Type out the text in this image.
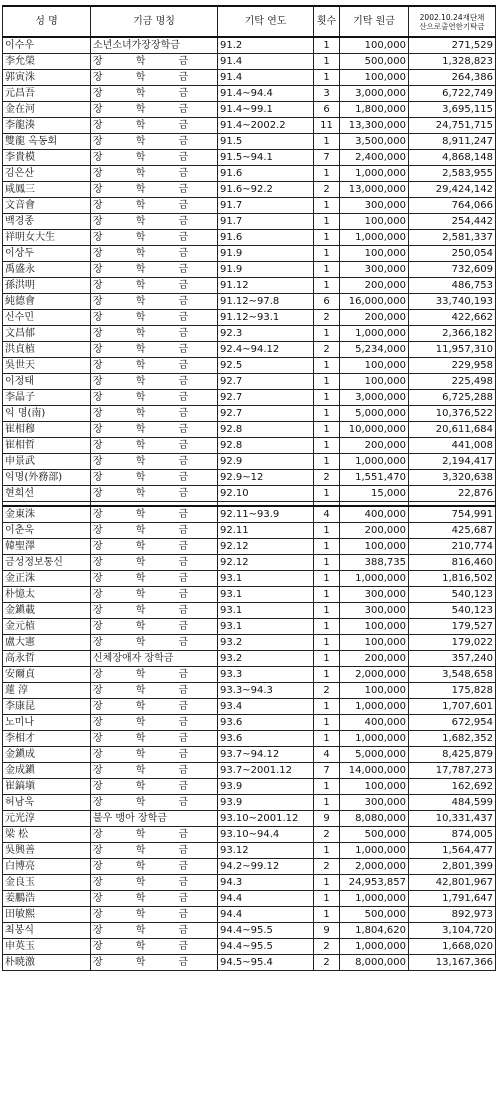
성 명	기금 명칭	기탁 연도	횟수	기탁 원금	2002.10.24재단채
산으로출연한기탁금
이수우	소년소녀가장장학금	91.2	1	100,000	271,529
李允榮	장 학 금	91.4	1	500,000	1,328,823
郭寅洙	장 학 금	91.4	1	100,000	264,386
元昌吾	장 학 금	91.4~94.4	3	3,000,000	6,722,749
金在河	장 학 금	91.4~99.1	6	1,800,000	3,695,115
李龍湊	장 학 금	91.4~2002.2	11	13,300,000	24,751,715
雙龍 옥동회	장 학 금	91.5	1	3,500,000	8,911,247
李貴模	장 학 금	91.5~94.1	7	2,400,000	4,868,148
김은산	장 학 금	91.6	1	1,000,000	2,583,955
咸鳳三	장 학 금	91.6~92.2	2	13,000,000	29,424,142
文音會	장 학 금	91.7	1	300,000	764,066
백경종	장 학 금	91.7	1	100,000	254,442
祥明女大生	장 학 금	91.6	1	1,000,000	2,581,337
이상두	장 학 금	91.9	1	100,000	250,054
禹盛永	장 학 금	91.9	1	300,000	732,609
孫洪明	장 학 금	91.12	1	200,000	486,753
純德會	장 학 금	91.12~97.8	6	16,000,000	33,740,193
신수민	장 학 금	91.12~93.1	2	200,000	422,662
文昌郁	장 학 금	92.3	1	1,000,000	2,366,182
洪貞植	장 학 금	92.4~94.12	2	5,234,000	11,957,310
吳世天	장 학 금	92.5	1	100,000	229,958
이정태	장 학 금	92.7	1	100,000	225,498
李晶子	장 학 금	92.7	1	3,000,000	6,725,288
익 명(南)	장 학 금	92.7	1	5,000,000	10,376,522
崔相穆	장 학 금	92.8	1	10,000,000	20,611,684
崔相哲	장 학 금	92.8	1	200,000	441,008
申景武	장 학 금	92.9	1	1,000,000	2,194,417
익명(外務部)	장 학 금	92.9~12	2	1,551,470	3,320,638
현희선	장 학 금	92.10	1	15,000	22,876

金東洙	장 학 금	92.11~93.9	4	400,000	754,991
이춘욱	장 학 금	92.11	1	200,000	425,687
韓聖澤	장 학 금	92.12	1	100,000	210,774
금성정보통신	장 학 금	92.12	1	388,735	816,460
金正洙	장 학 금	93.1	1	1,000,000	1,816,502
朴憶太	장 학 금	93.1	1	300,000	540,123
金鎭載	장 학 금	93.1	1	300,000	540,123
金元植	장 학 금	93.1	1	100,000	179,527
盧大憲	장 학 금	93.2	1	100,000	179,022
高永哲	신체장애자 장학금	93.2	1	200,000	357,240
安爾貞	장 학 금	93.3	1	2,000,000	3,548,658
蓮 淳	장 학 금	93.3~94.3	2	100,000	175,828
李康昆	장 학 금	93.4	1	1,000,000	1,707,601
노미나	장 학 금	93.6	1	400,000	672,954
李相才	장 학 금	93.6	1	1,000,000	1,682,352
金鎭成	장 학 금	93.7~94.12	4	5,000,000	8,425,879
金成鎭	장 학 금	93.7~2001.12	7	14,000,000	17,787,273
崔鎬塡	장 학 금	93.9	1	100,000	162,692
허남욱	장 학 금	93.9	1	300,000	484,599
元光淳	불우 맹아 장학금	93.10~2001.12	9	8,080,000	10,331,437
梁 松	장 학 금	93.10~94.4	2	500,000	874,005
吳興善	장 학 금	93.12	1	1,000,000	1,564,477
白博亮	장 학 금	94.2~99.12	2	2,000,000	2,801,399
金良玉	장 학 금	94.3	1	24,953,857	42,801,967
姜鵬浩	장 학 금	94.4	1	1,000,000	1,791,647
田敏熙	장 학 금	94.4	1	500,000	892,973
최봉식	장 학 금	94.4~95.5	9	1,804,620	3,104,720
申英玉	장 학 금	94.4~95.5	2	1,000,000	1,668,020
朴暁激	장 학 금	94.5~95.4	2	8,000,000	13,167,366
